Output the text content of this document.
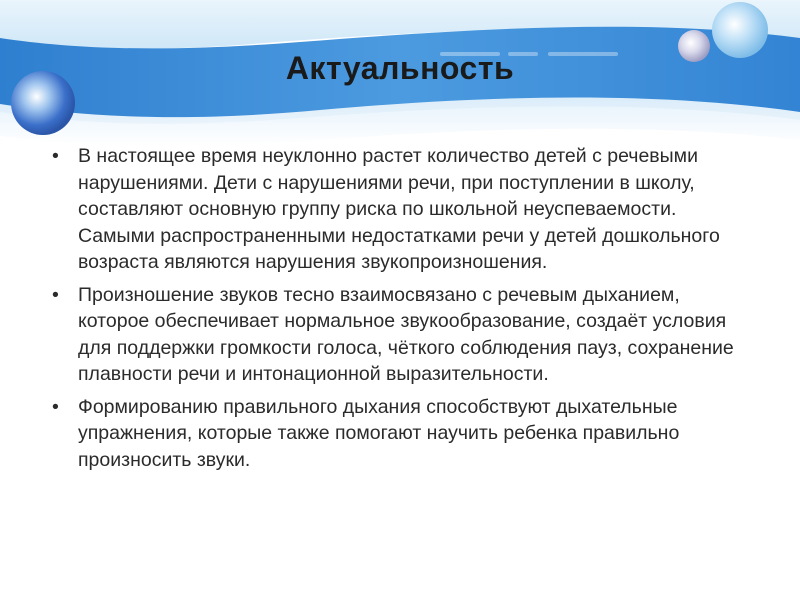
Актуальность
• В настоящее время неуклонно растет количество детей с речевыми нарушениями. Дети с нарушениями речи, при поступлении в школу, составляют основную группу риска по школьной неуспеваемости. Самыми распространенными недостатками речи у детей дошкольного возраста являются нарушения звукопроизношения.
• Произношение звуков тесно взаимосвязано с речевым дыханием, которое обеспечивает нормальное звукообразование, создаёт условия для поддержки громкости голоса, чёткого соблюдения пауз, сохранение плавности речи и интонационной выразительности.
• Формированию правильного дыхания способствуют дыхательные упражнения, которые также помогают научить ребенка правильно произносить звуки.
